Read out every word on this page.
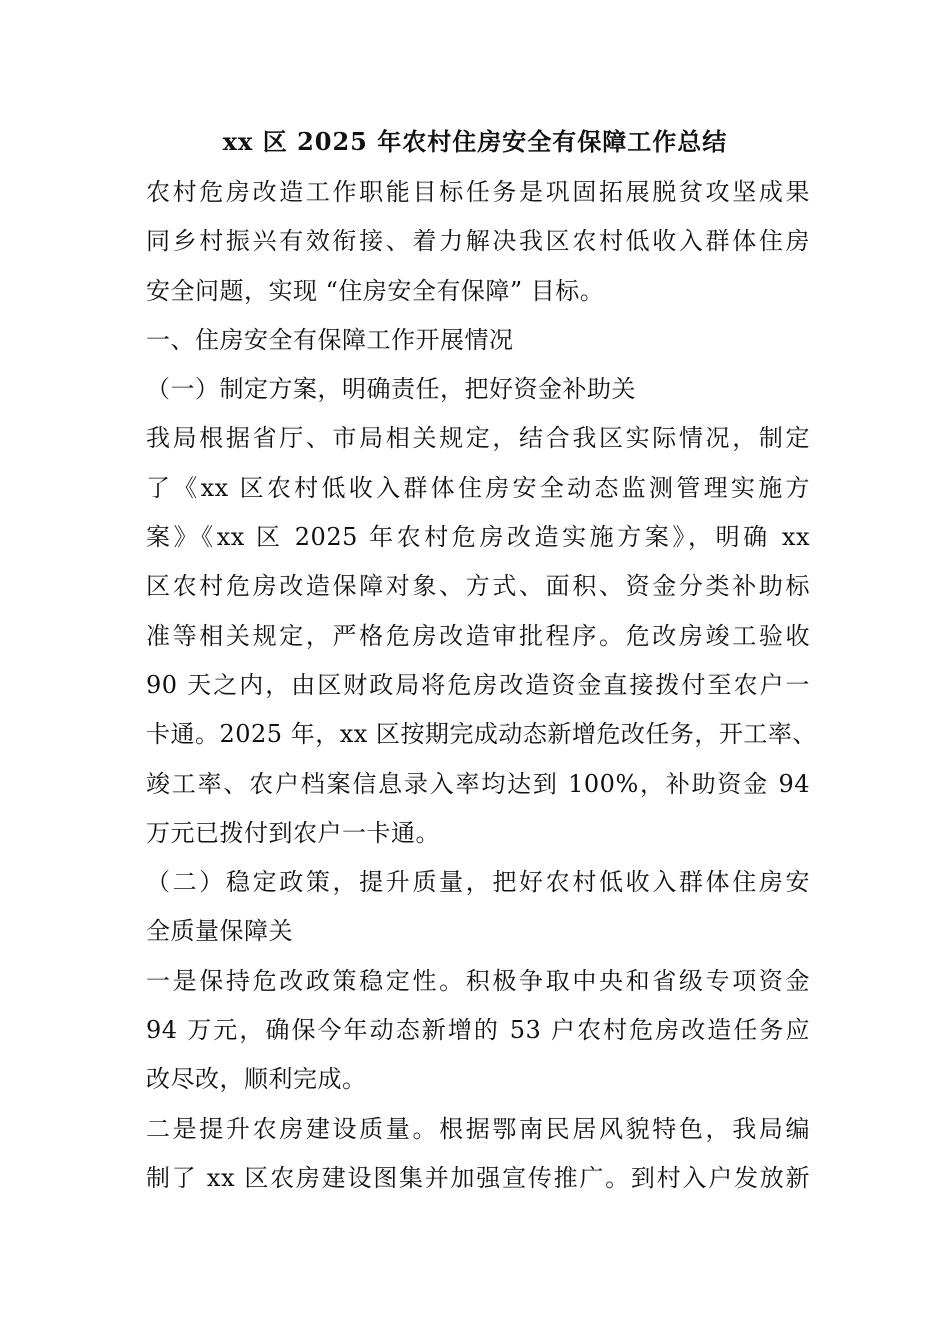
xx 区 2025 年农村住房安全有保障工作总结
农村危房改造工作职能目标任务是巩固拓展脱贫攻坚成果
同乡村振兴有效衔接、着力解决我区农村低收入群体住房
安全问题，实现 “住房安全有保障” 目标。
一、住房安全有保障工作开展情况
（一）制定方案，明确责任，把好资金补助关
我局根据省厅、市局相关规定，结合我区实际情况，制定
了《xx 区农村低收入群体住房安全动态监测管理实施方
案》《xx 区 2025 年农村危房改造实施方案》，明确 xx
区农村危房改造保障对象、方式、面积、资金分类补助标
准等相关规定，严格危房改造审批程序。危改房竣工验收
90 天之内，由区财政局将危房改造资金直接拨付至农户一
卡通。2025 年，xx 区按期完成动态新增危改任务，开工率、
竣工率、农户档案信息录入率均达到 100%，补助资金 94
万元已拨付到农户一卡通。
（二）稳定政策，提升质量，把好农村低收入群体住房安
全质量保障关
一是保持危改政策稳定性。积极争取中央和省级专项资金
94 万元，确保今年动态新增的 53 户农村危房改造任务应
改尽改，顺利完成。
二是提升农房建设质量。根据鄂南民居风貌特色，我局编
制了 xx 区农房建设图集并加强宣传推广。到村入户发放新
